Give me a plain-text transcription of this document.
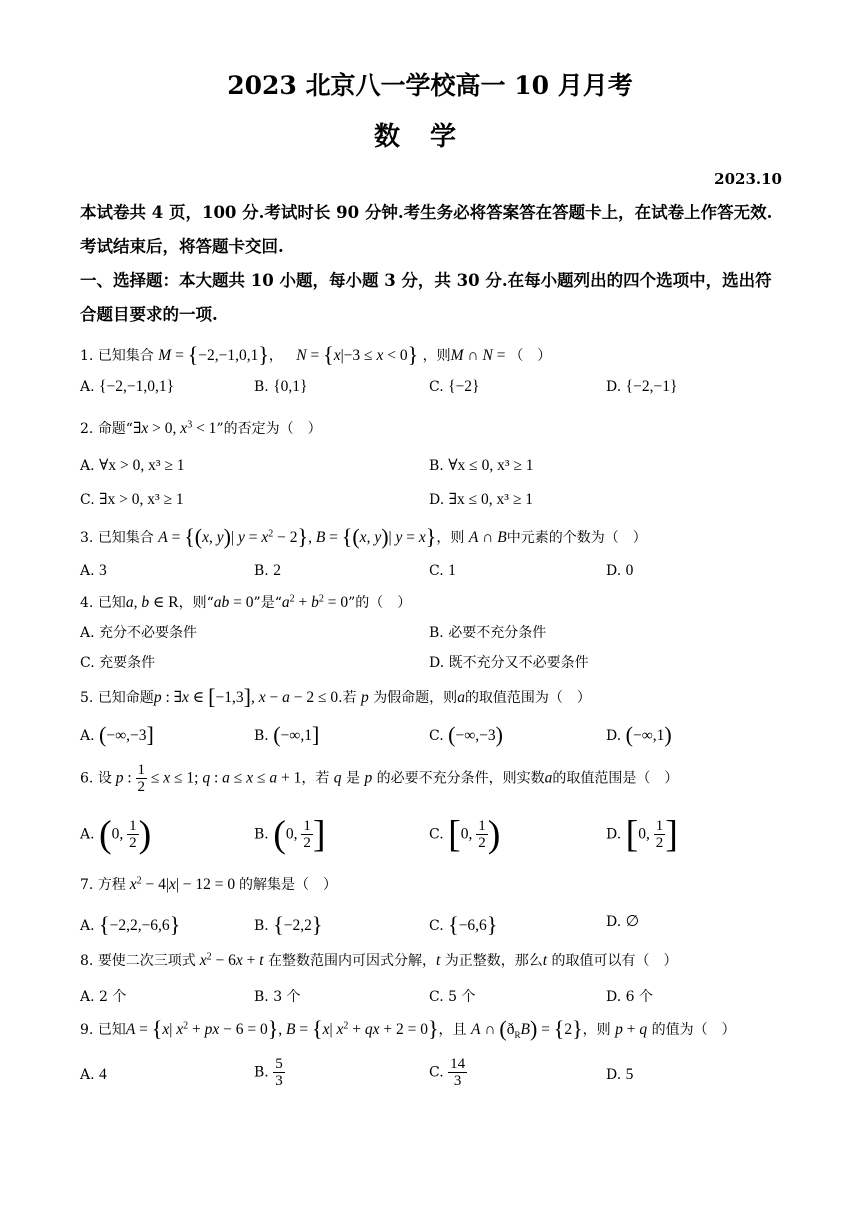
2023 北京八一学校高一 10 月月考
数学
2023.10
本试卷共 4 页，100 分.考试时长 90 分钟.考生务必将答案答在答题卡上，在试卷上作答无效.
考试结束后，将答题卡交回.
一、选择题：本大题共 10 小题，每小题 3 分，共 30 分.在每小题列出的四个选项中，选出符
合题目要求的一项.
1. 已知集合 M = {−2,−1,0,1}， N = {x|−3 ≤ x < 0} ，则M ∩ N = （　）
A. {−2,−1,0,1}	B. {0,1}	C. {−2}	D. {−2,−1}
2. 命题“∃x > 0, $x^3 < 1$”的否定为（　）
A. ∀x > 0, x³ ≥ 1	B. ∀x ≤ 0, x³ ≥ 1
C. ∃x > 0, x³ ≥ 1	D. ∃x ≤ 0, x³ ≥ 1
3. 已知集合 A = {(x, y)| $y = x^2 - 2$}, B = {(x, y)| y = x}，则 A ∩ B中元素的个数为（　）
A. 3	B. 2	C. 1	D. 0
4. 已知a, b ∈ R，则“ab = 0”是“$a^2 + b^2 = 0$”的（　）
A. 充分不必要条件	B. 必要不充分条件
C. 充要条件	D. 既不充分又不必要条件
5. 已知命题p : ∃x ∈ [−1,3], x − a − 2 ≤ 0.若 p 为假命题，则a的取值范围为（　）
A. (−∞,−3]	B. (−∞,1]	C. (−∞,−3)	D. (−∞,1)
6. 设 p : $\frac{1}{2} \le x \le 1$; q : a ≤ x ≤ a + 1，若 q 是 p 的必要不充分条件，则实数a的取值范围是（　）
A. (0, $\frac{1}{2}$ )	B. (0, $\frac{1}{2}$ ]	C. [0, $\frac{1}{2}$ )	D. [0, $\frac{1}{2}$ ]
7. 方程 $x^2 - 4|x| - 12 = 0$ 的解集是（　）
A. {−2,2,−6,6}	B. {−2,2}	C. {−6,6}	D. ∅
8. 要使二次三项式 $x^2 - 6x + t$ 在整数范围内可因式分解，t 为正整数，那么t 的取值可以有（　）
A. 2 个	B. 3 个	C. 5 个	D. 6 个
9. 已知A = {x| $x^2$ + px − 6 = 0}, B = {x| $x^2$ + qx + 2 = 0}，且 A ∩ $(ð_RB) = \{2\}$，则 p + q 的值为（　）
A. 4	B. $\frac{5}{3}$	C. $\frac{14}{3}$	D. 5
